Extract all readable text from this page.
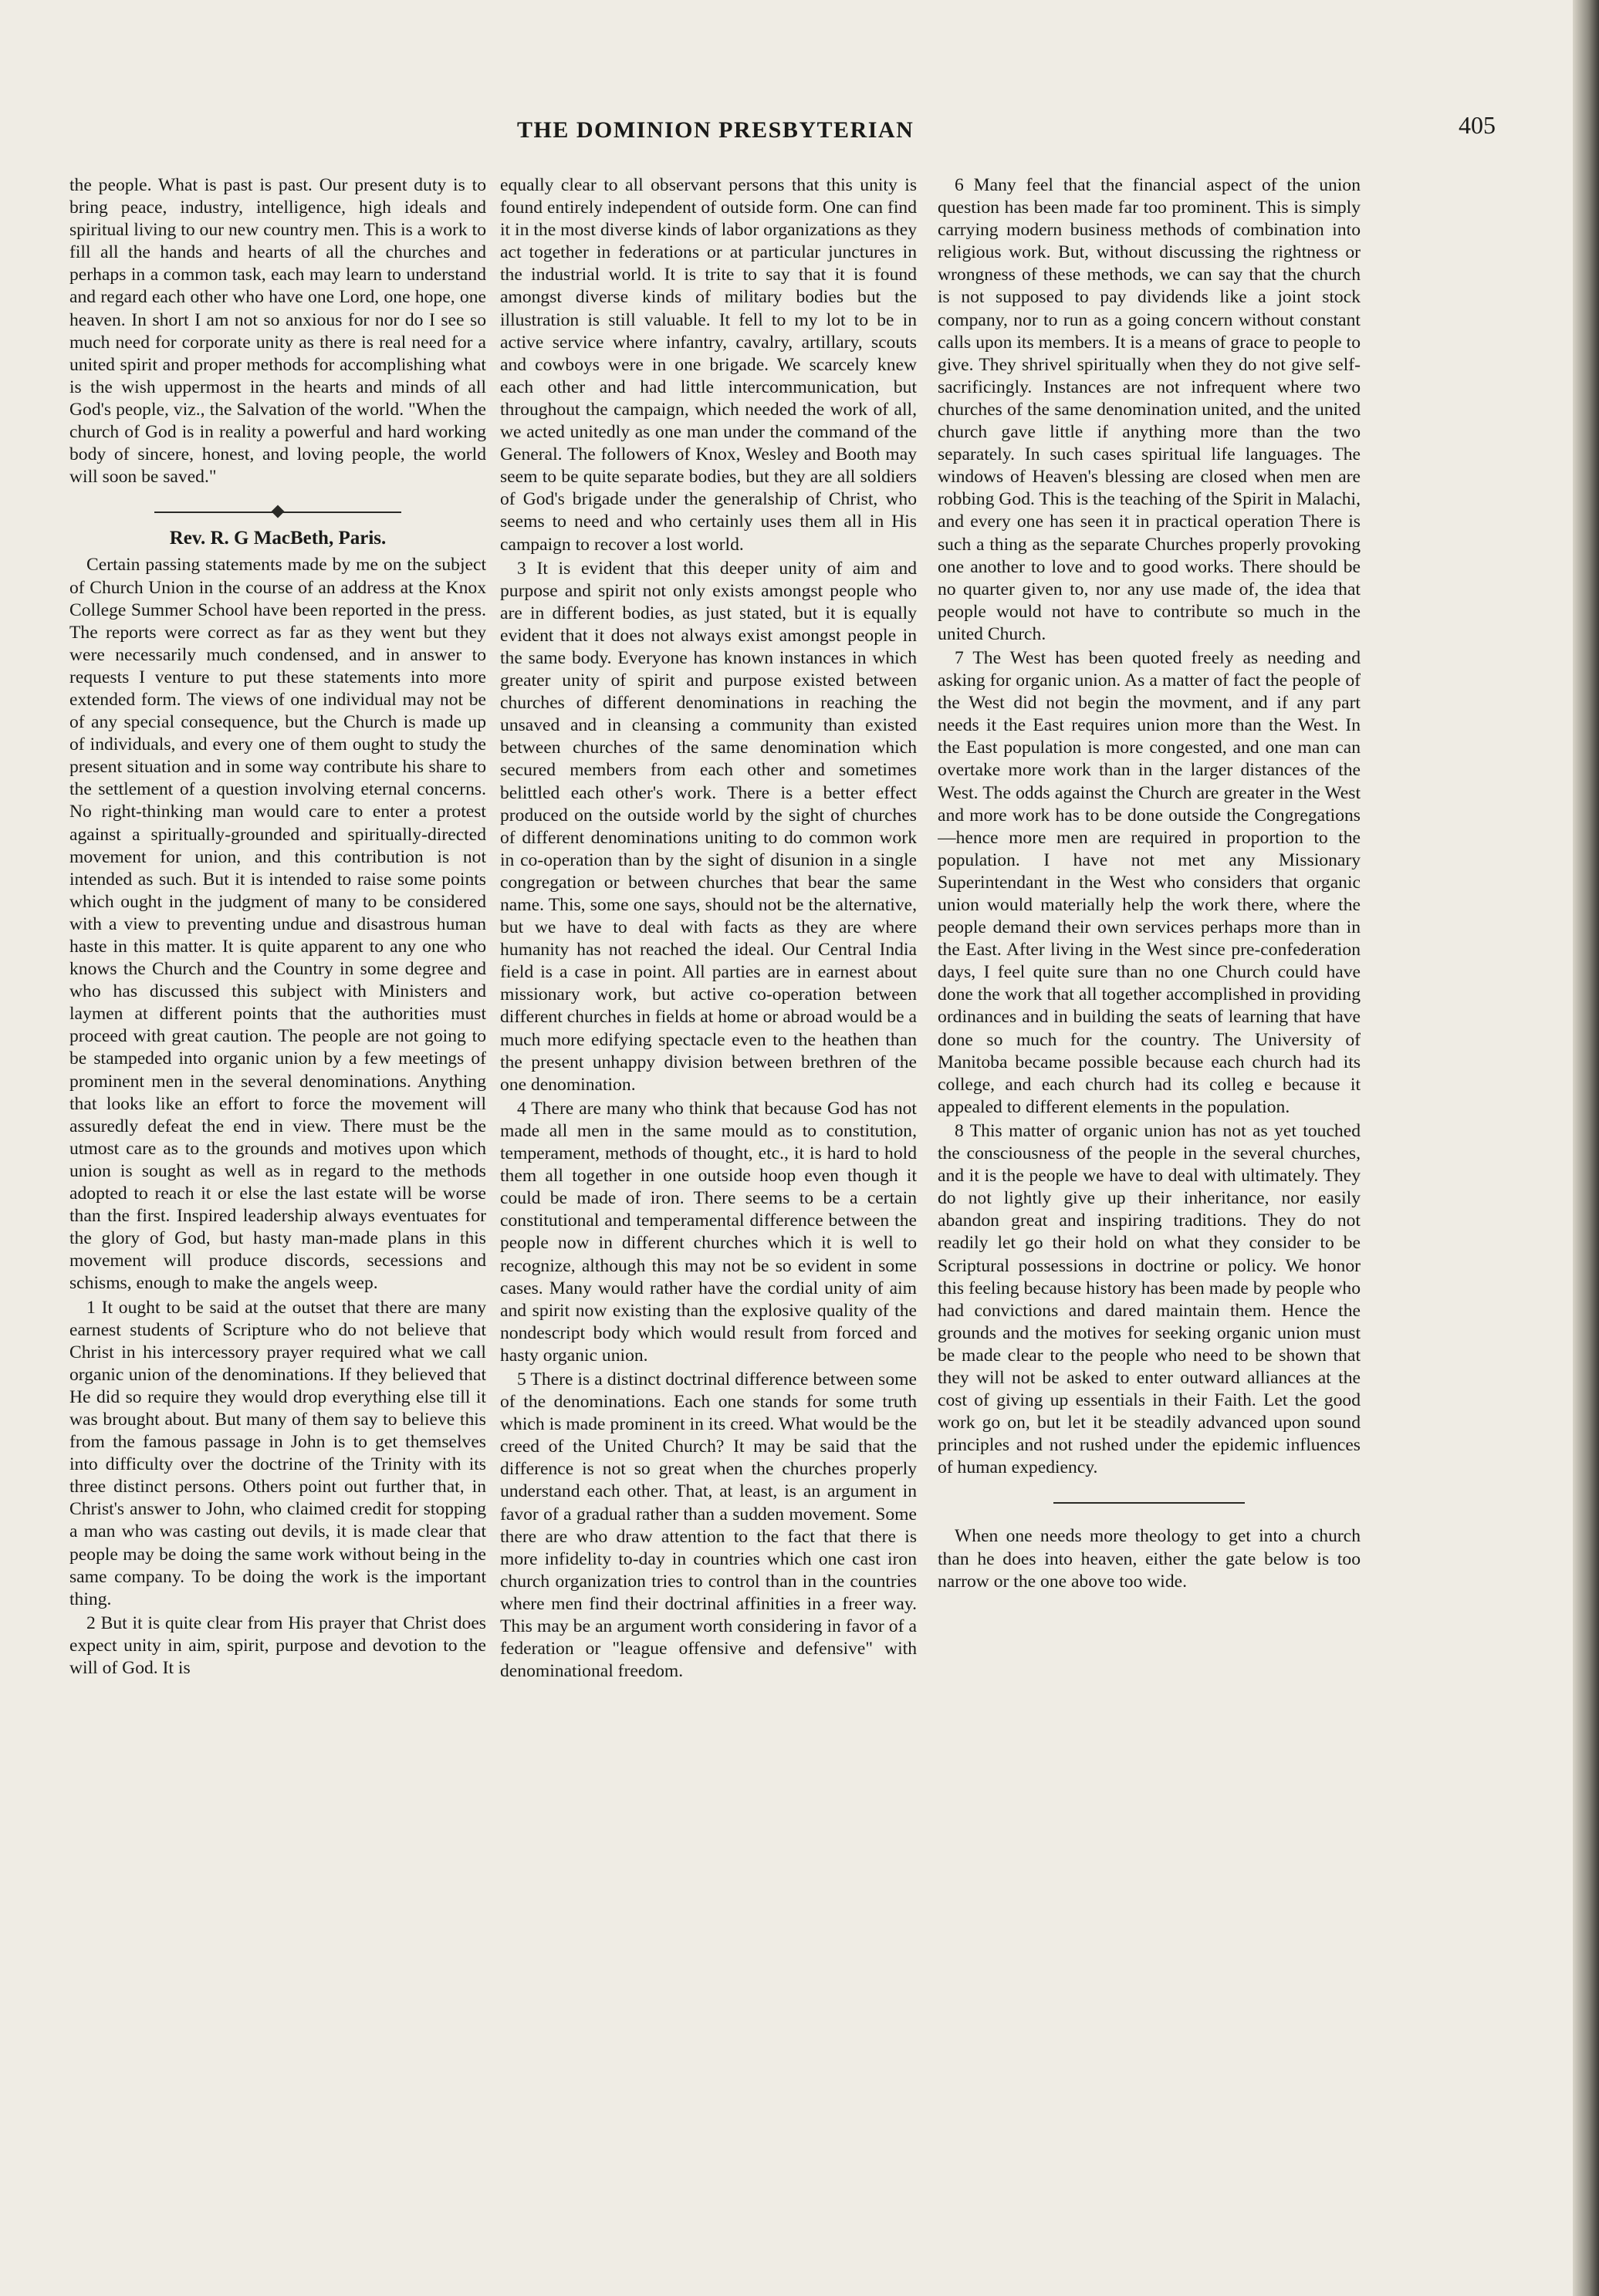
THE DOMINION PRESBYTERIAN	405

the people. What is past is past. Our present duty is to bring peace, industry, intelligence, high ideals and spiritual living to our new country men. This is a work to fill all the hands and hearts of all the churches and perhaps in a common task, each may learn to understand and regard each other who have one Lord, one hope, one heaven. In short I am not so anxious for nor do I see so much need for corporate unity as there is real need for a united spirit and proper methods for accomplishing what is the wish uppermost in the hearts and minds of all God's people, viz., the Salvation of the world. "When the church of God is in reality a powerful and hard working body of sincere, honest, and loving people, the world will soon be saved."

Rev. R. G MacBeth, Paris.

Certain passing statements made by me on the subject of Church Union in the course of an address at the Knox College Summer School have been reported in the press. The reports were correct as far as they went but they were necessarily much condensed, and in answer to requests I venture to put these statements into more extended form. The views of one individual may not be of any special consequence, but the Church is made up of individuals, and every one of them ought to study the present situation and in some way contribute his share to the settlement of a question involving eternal concerns. No right-thinking man would care to enter a protest against a spiritually-grounded and spiritually-directed movement for union, and this contribution is not intended as such. But it is intended to raise some points which ought in the judgment of many to be considered with a view to preventing undue and disastrous human haste in this matter. It is quite apparent to any one who knows the Church and the Country in some degree and who has discussed this subject with Ministers and laymen at different points that the authorities must proceed with great caution. The people are not going to be stampeded into organic union by a few meetings of prominent men in the several denominations. Anything that looks like an effort to force the movement will assuredly defeat the end in view. There must be the utmost care as to the grounds and motives upon which union is sought as well as in regard to the methods adopted to reach it or else the last estate will be worse than the first. Inspired leadership always eventuates for the glory of God, but hasty man-made plans in this movement will produce discords, secessions and schisms, enough to make the angels weep.

1 It ought to be said at the outset that there are many earnest students of Scripture who do not believe that Christ in his intercessory prayer required what we call organic union of the denominations. If they believed that He did so require they would drop everything else till it was brought about. But many of them say to believe this from the famous passage in John is to get themselves into difficulty over the doctrine of the Trinity with its three distinct persons. Others point out further that, in Christ's answer to John, who claimed credit for stopping a man who was casting out devils, it is made clear that people may be doing the same work without being in the same company. To be doing the work is the important thing.

2 But it is quite clear from His prayer that Christ does expect unity in aim, spirit, purpose and devotion to the will of God. It is

equally clear to all observant persons that this unity is found entirely independent of outside form. One can find it in the most diverse kinds of labor organizations as they act together in federations or at particular junctures in the industrial world. It is trite to say that it is found amongst diverse kinds of military bodies but the illustration is still valuable. It fell to my lot to be in active service where infantry, cavalry, artillary, scouts and cowboys were in one brigade. We scarcely knew each other and had little intercommunication, but throughout the campaign, which needed the work of all, we acted unitedly as one man under the command of the General. The followers of Knox, Wesley and Booth may seem to be quite separate bodies, but they are all soldiers of God's brigade under the generalship of Christ, who seems to need and who certainly uses them all in His campaign to recover a lost world.

3 It is evident that this deeper unity of aim and purpose and spirit not only exists amongst people who are in different bodies, as just stated, but it is equally evident that it does not always exist amongst people in the same body. Everyone has known instances in which greater unity of spirit and purpose existed between churches of different denominations in reaching the unsaved and in cleansing a community than existed between churches of the same denomination which secured members from each other and sometimes belittled each other's work. There is a better effect produced on the outside world by the sight of churches of different denominations uniting to do common work in co-operation than by the sight of disunion in a single congregation or between churches that bear the same name. This, some one says, should not be the alternative, but we have to deal with facts as they are where humanity has not reached the ideal. Our Central India field is a case in point. All parties are in earnest about missionary work, but active co-operation between different churches in fields at home or abroad would be a much more edifying spectacle even to the heathen than the present unhappy division between brethren of the one denomination.

4 There are many who think that because God has not made all men in the same mould as to constitution, temperament, methods of thought, etc., it is hard to hold them all together in one outside hoop even though it could be made of iron. There seems to be a certain constitutional and temperamental difference between the people now in different churches which it is well to recognize, although this may not be so evident in some cases. Many would rather have the cordial unity of aim and spirit now existing than the explosive quality of the nondescript body which would result from forced and hasty organic union.

5 There is a distinct doctrinal difference between some of the denominations. Each one stands for some truth which is made prominent in its creed. What would be the creed of the United Church? It may be said that the difference is not so great when the churches properly understand each other. That, at least, is an argument in favor of a gradual rather than a sudden movement. Some there are who draw attention to the fact that there is more infidelity to-day in countries which one cast iron church organization tries to control than in the countries where men find their doctrinal affinities in a freer way. This may be an argument worth considering in favor of a federation or "league offensive and defensive" with denominational freedom.

6 Many feel that the financial aspect of the union question has been made far too prominent. This is simply carrying modern business methods of combination into religious work. But, without discussing the rightness or wrongness of these methods, we can say that the church is not supposed to pay dividends like a joint stock company, nor to run as a going concern without constant calls upon its members. It is a means of grace to people to give. They shrivel spiritually when they do not give self-sacrificingly. Instances are not infrequent where two churches of the same denomination united, and the united church gave little if anything more than the two separately. In such cases spiritual life languages. The windows of Heaven's blessing are closed when men are robbing God. This is the teaching of the Spirit in Malachi, and every one has seen it in practical operation There is such a thing as the separate Churches properly provoking one another to love and to good works. There should be no quarter given to, nor any use made of, the idea that people would not have to contribute so much in the united Church.

7 The West has been quoted freely as needing and asking for organic union. As a matter of fact the people of the West did not begin the movment, and if any part needs it the East requires union more than the West. In the East population is more congested, and one man can overtake more work than in the larger distances of the West. The odds against the Church are greater in the West and more work has to be done outside the Congregations—hence more men are required in proportion to the population. I have not met any Missionary Superintendant in the West who considers that organic union would materially help the work there, where the people demand their own services perhaps more than in the East. After living in the West since pre-confederation days, I feel quite sure than no one Church could have done the work that all together accomplished in providing ordinances and in building the seats of learning that have done so much for the country. The University of Manitoba became possible because each church had its college, and each church had its colleg e because it appealed to different elements in the population.

8 This matter of organic union has not as yet touched the consciousness of the people in the several churches, and it is the people we have to deal with ultimately. They do not lightly give up their inheritance, nor easily abandon great and inspiring traditions. They do not readily let go their hold on what they consider to be Scriptural possessions in doctrine or policy. We honor this feeling because history has been made by people who had convictions and dared maintain them. Hence the grounds and the motives for seeking organic union must be made clear to the people who need to be shown that they will not be asked to enter outward alliances at the cost of giving up essentials in their Faith. Let the good work go on, but let it be steadily advanced upon sound principles and not rushed under the epidemic influences of human expediency.

When one needs more theology to get into a church than he does into heaven, either the gate below is too narrow or the one above too wide.
